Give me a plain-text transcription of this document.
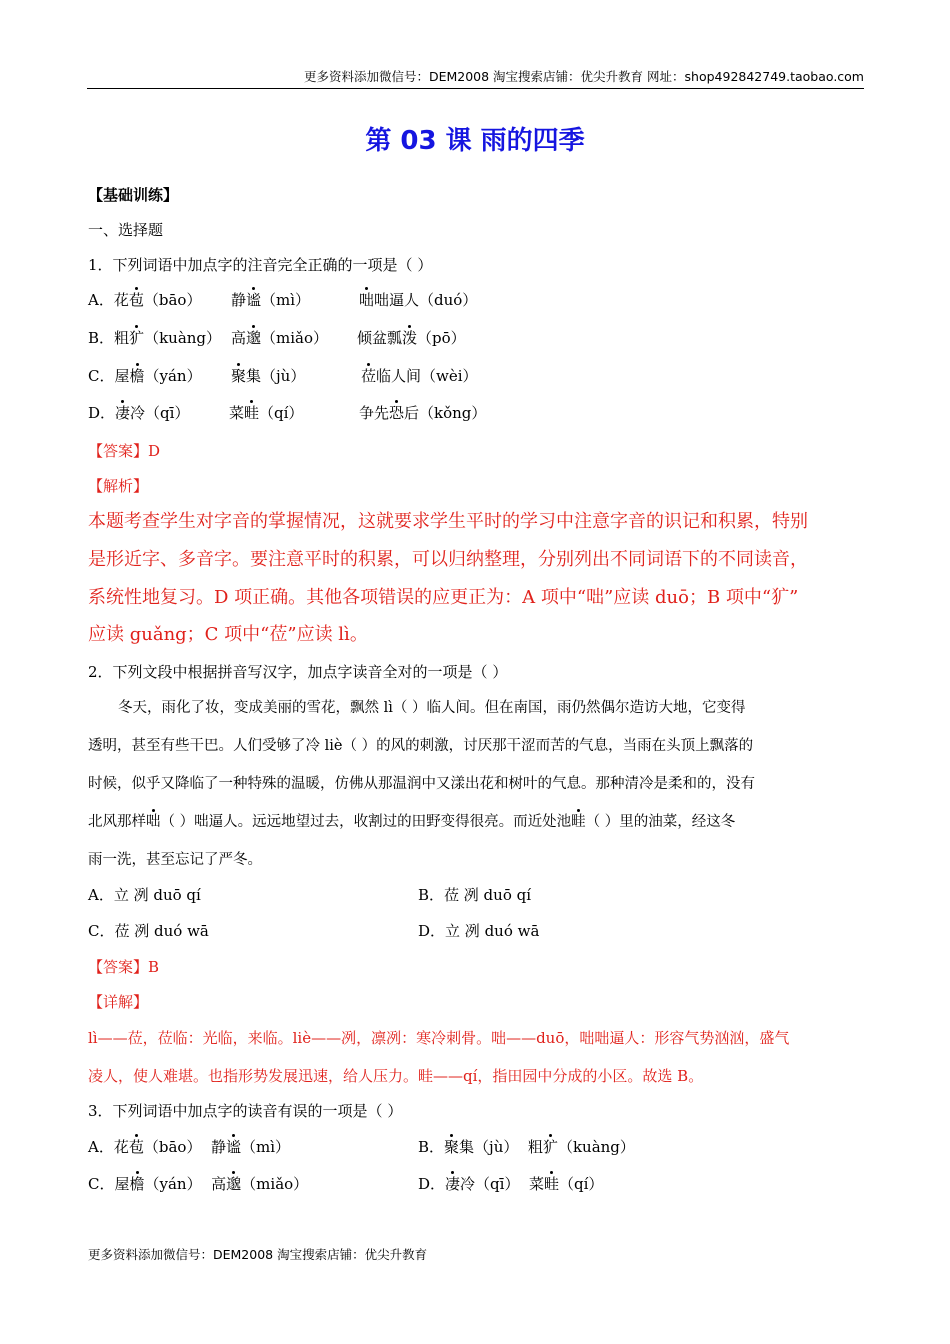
更多资料添加微信号：DEM2008 淘宝搜索店铺：优尖升教育 网址：shop492842749.taobao.com
第 03 课 雨的四季
【基础训练】
一、选择题
1．下列词语中加点字的注音完全正确的一项是（ ）
A．花苞（bāo） 静谧（mì）	咄咄逼人（duó）
B．粗犷（kuàng） 高邈（miǎo） 倾盆瓢泼（pō）
C．屋檐（yán） 聚集（jù）	莅临人间（wèi）
D．凄冷（qī）	菜畦（qí）	争先恐后（kǒng）
【答案】D
【解析】
本题考查学生对字音的掌握情况，这就要求学生平时的学习中注意字音的识记和积累，特别
是形近字、多音字。要注意平时的积累，可以归纳整理，分别列出不同词语下的不同读音，
系统性地复习。D 项正确。其他各项错误的应更正为：A 项中“咄”应读 duō；B 项中“犷”
应读 guǎng；C 项中“莅”应读 lì。
2．下列文段中根据拼音写汉字，加点字读音全对的一项是（ ）
冬天，雨化了妆，变成美丽的雪花，飘然 lì（ ）临人间。但在南国，雨仍然偶尔造访大地，它变得
透明，甚至有些干巴。人们受够了冷 liè（ ）的风的刺激，讨厌那干涩而苦的气息，当雨在头顶上飘落的
时候，似乎又降临了一种特殊的温暖，仿佛从那温润中又漾出花和树叶的气息。那种清冷是柔和的，没有
北风那样咄（ ）咄逼人。远远地望过去，收割过的田野变得很亮。而近处池畦（ ）里的油菜，经这冬
雨一洗，甚至忘记了严冬。
A．立 冽 duō qí	B．莅 冽 duō qí
C．莅 冽 duó wā	D．立 冽 duó wā
【答案】B
【详解】
lì——莅，莅临：光临，来临。liè——冽，凛冽：寒冷刺骨。咄——duō，咄咄逼人：形容气势汹汹，盛气
凌人，使人难堪。也指形势发展迅速，给人压力。畦——qí，指田园中分成的小区。故选 B。
3．下列词语中加点字的读音有误的一项是（ ）
A．花苞（bāo） 静谧（mì）	B．聚集（jù） 粗犷（kuàng）
C．屋檐（yán） 高邈（miǎo）	D．凄冷（qī） 菜畦（qí）
更多资料添加微信号：DEM2008 淘宝搜索店铺：优尖升教育
